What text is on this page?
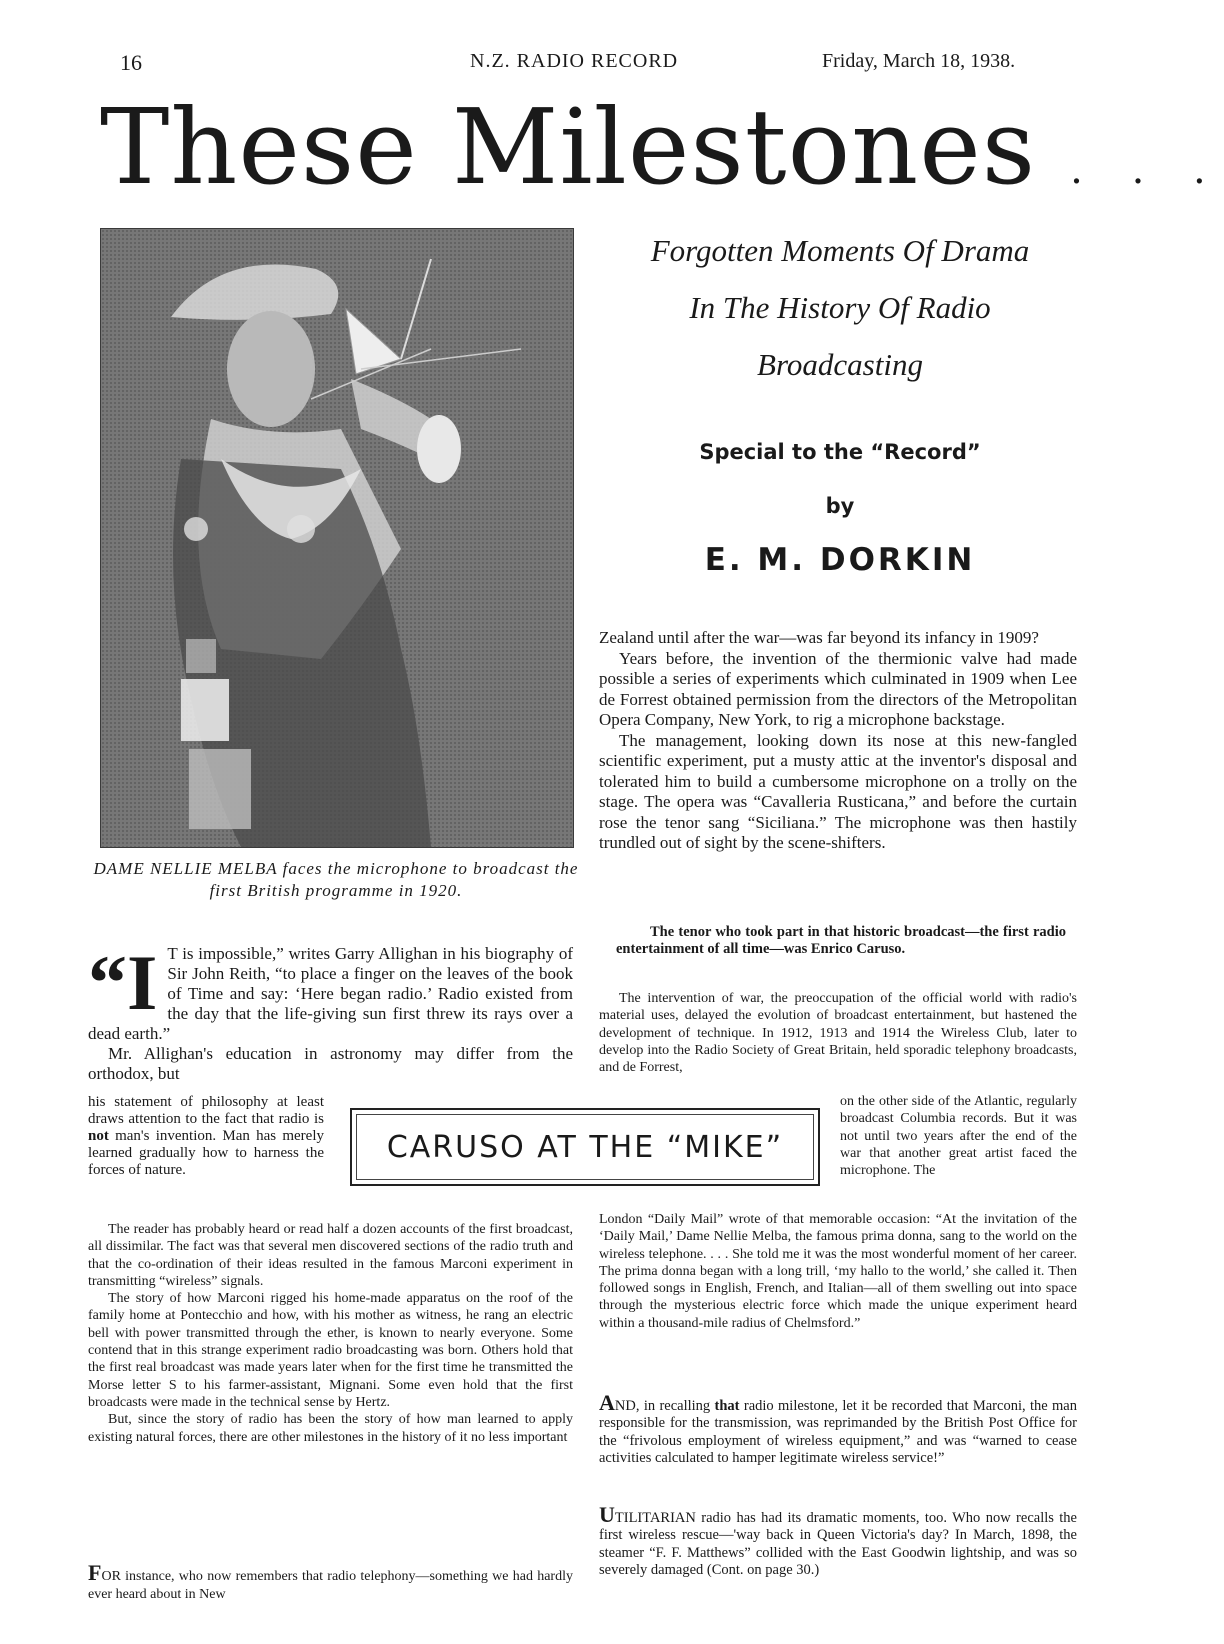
16	N.Z. RADIO RECORD	Friday, March 18, 1938.
These Milestones . . .
DAME NELLIE MELBA faces the microphone to broadcast the first British programme in 1920.
Forgotten Moments Of Drama
In The History Of Radio
Broadcasting
Special to the “Record”
by
E. M. DORKIN

Zealand until after the war—was far beyond its infancy in 1909?

Years before, the invention of the thermionic valve had made possible a series of experiments which culminated in 1909 when Lee de Forrest obtained permission from the directors of the Metropolitan Opera Company, New York, to rig a microphone backstage.

The management, looking down its nose at this new-fangled scientific experiment, put a musty attic at the inventor's disposal and tolerated him to build a cumbersome microphone on a trolly on the stage. The opera was “Cavalleria Rusticana,” and before the curtain rose the tenor sang “Siciliana.” The microphone was then hastily trundled out of sight by the scene-shifters.

The tenor who took part in that historic broadcast—the first radio entertainment of all time—was Enrico Caruso.

The intervention of war, the preoccupation of the official world with radio's material uses, delayed the evolution of broadcast entertainment, but hastened the development of technique. In 1912, 1913 and 1914 the Wireless Club, later to develop into the Radio Society of Great Britain, held sporadic telephony broadcasts, and de Forrest,

on the other side of the Atlantic, regularly broadcast Columbia records. But it was not until two years after the end of the war that another great artist faced the microphone. The

London “Daily Mail” wrote of that memorable occasion: “At the invitation of the ‘Daily Mail,’ Dame Nellie Melba, the famous prima donna, sang to the world on the wireless telephone. . . . She told me it was the most wonderful moment of her career. The prima donna began with a long trill, ‘my hallo to the world,’ she called it. Then followed songs in English, French, and Italian—all of them swelling out into space through the mysterious electric force which made the unique experiment heard within a thousand-mile radius of Chelmsford.”

AND, in recalling that radio milestone, let it be recorded that Marconi, the man responsible for the transmission, was reprimanded by the British Post Office for the “frivolous employment of wireless equipment,” and was “warned to cease activities calculated to hamper legitimate wireless service!”

UTILITARIAN radio has had its dramatic moments, too. Who now recalls the first wireless rescue—'way back in Queen Victoria's day? In March, 1898, the steamer “F. F. Matthews” collided with the East Goodwin lightship, and was so severely damaged (Cont. on page 30.)

“I T is impossible,” writes Garry Allighan in his biography of Sir John Reith, “to place a finger on the leaves of the book of Time and say: ‘Here began radio.’ Radio existed from the day that the life-giving sun first threw its rays over a dead earth.”

Mr. Allighan's education in astronomy may differ from the orthodox, but

his statement of philosophy at least draws attention to the fact that radio is not man's invention. Man has merely learned gradually how to harness the forces of nature.

CARUSO AT THE “MIKE”

The reader has probably heard or read half a dozen accounts of the first broadcast, all dissimilar. The fact was that several men discovered sections of the radio truth and that the co-ordination of their ideas resulted in the famous Marconi experiment in transmitting “wireless” signals.

The story of how Marconi rigged his home-made apparatus on the roof of the family home at Pontecchio and how, with his mother as witness, he rang an electric bell with power transmitted through the ether, is known to nearly everyone. Some contend that in this strange experiment radio broadcasting was born. Others hold that the first real broadcast was made years later when for the first time he transmitted the Morse letter S to his farmer-assistant, Mignani. Some even hold that the first broadcasts were made in the technical sense by Hertz.

But, since the story of radio has been the story of how man learned to apply existing natural forces, there are other milestones in the history of it no less important

FOR instance, who now remembers that radio telephony—something we had hardly ever heard about in New
